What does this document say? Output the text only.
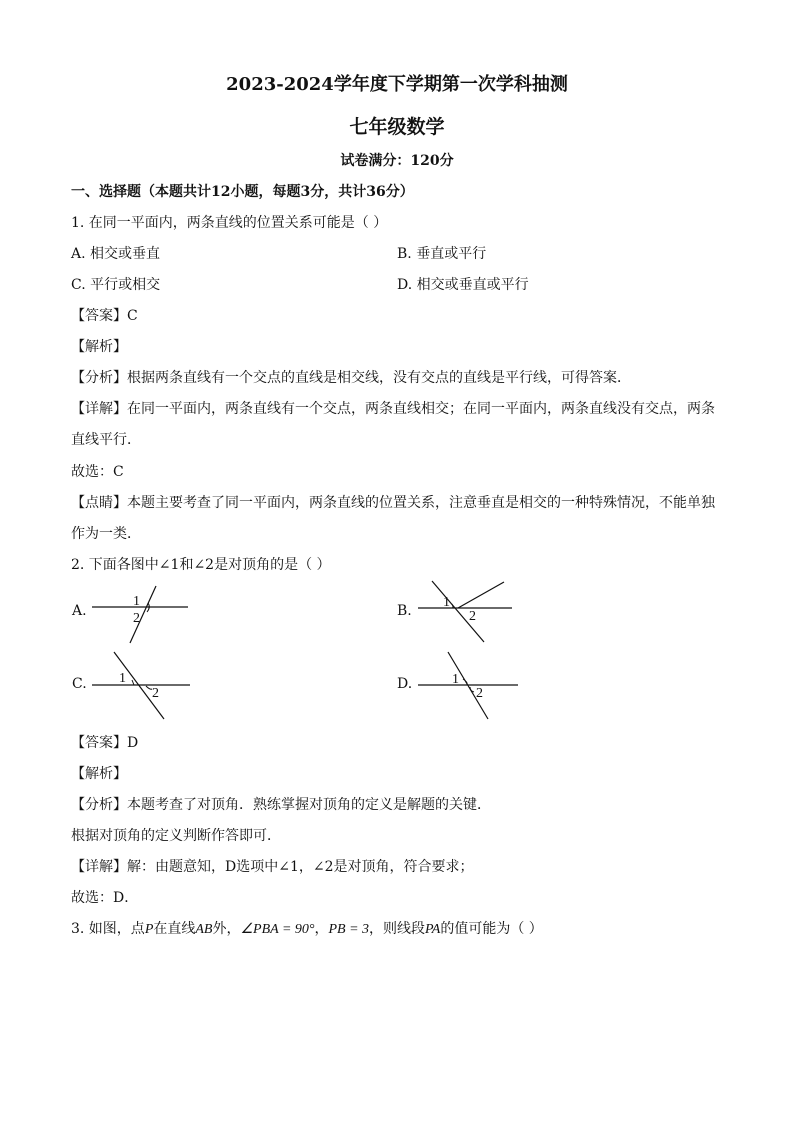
2023-2024学年度下学期第一次学科抽测
七年级数学
试卷满分：120分
一、选择题（本题共计12小题，每题3分，共计36分）
1. 在同一平面内，两条直线的位置关系可能是（ ）
A. 相交或垂直	B. 垂直或平行
C. 平行或相交	D. 相交或垂直或平行
【答案】C
【解析】
【分析】根据两条直线有一个交点的直线是相交线，没有交点的直线是平行线，可得答案．
【详解】在同一平面内，两条直线有一个交点，两条直线相交；在同一平面内，两条直线没有交点，两条直线平行．
故选：C
【点睛】本题主要考查了同一平面内，两条直线的位置关系，注意垂直是相交的一种特殊情况，不能单独作为一类．
2. 下面各图中∠1和∠2是对顶角的是（ ）
A.
1
2	B.
1
2
C. 1
2
D.	1
2
【答案】D
【解析】
【分析】本题考查了对顶角．熟练掌握对顶角的定义是解题的关键．
根据对顶角的定义判断作答即可．
【详解】解：由题意知，D选项中∠1，∠2是对顶角，符合要求；
故选：D．
3. 如图，点P在直线AB外，∠PBA = 90°，PB = 3，则线段PA的值可能为（ ）
